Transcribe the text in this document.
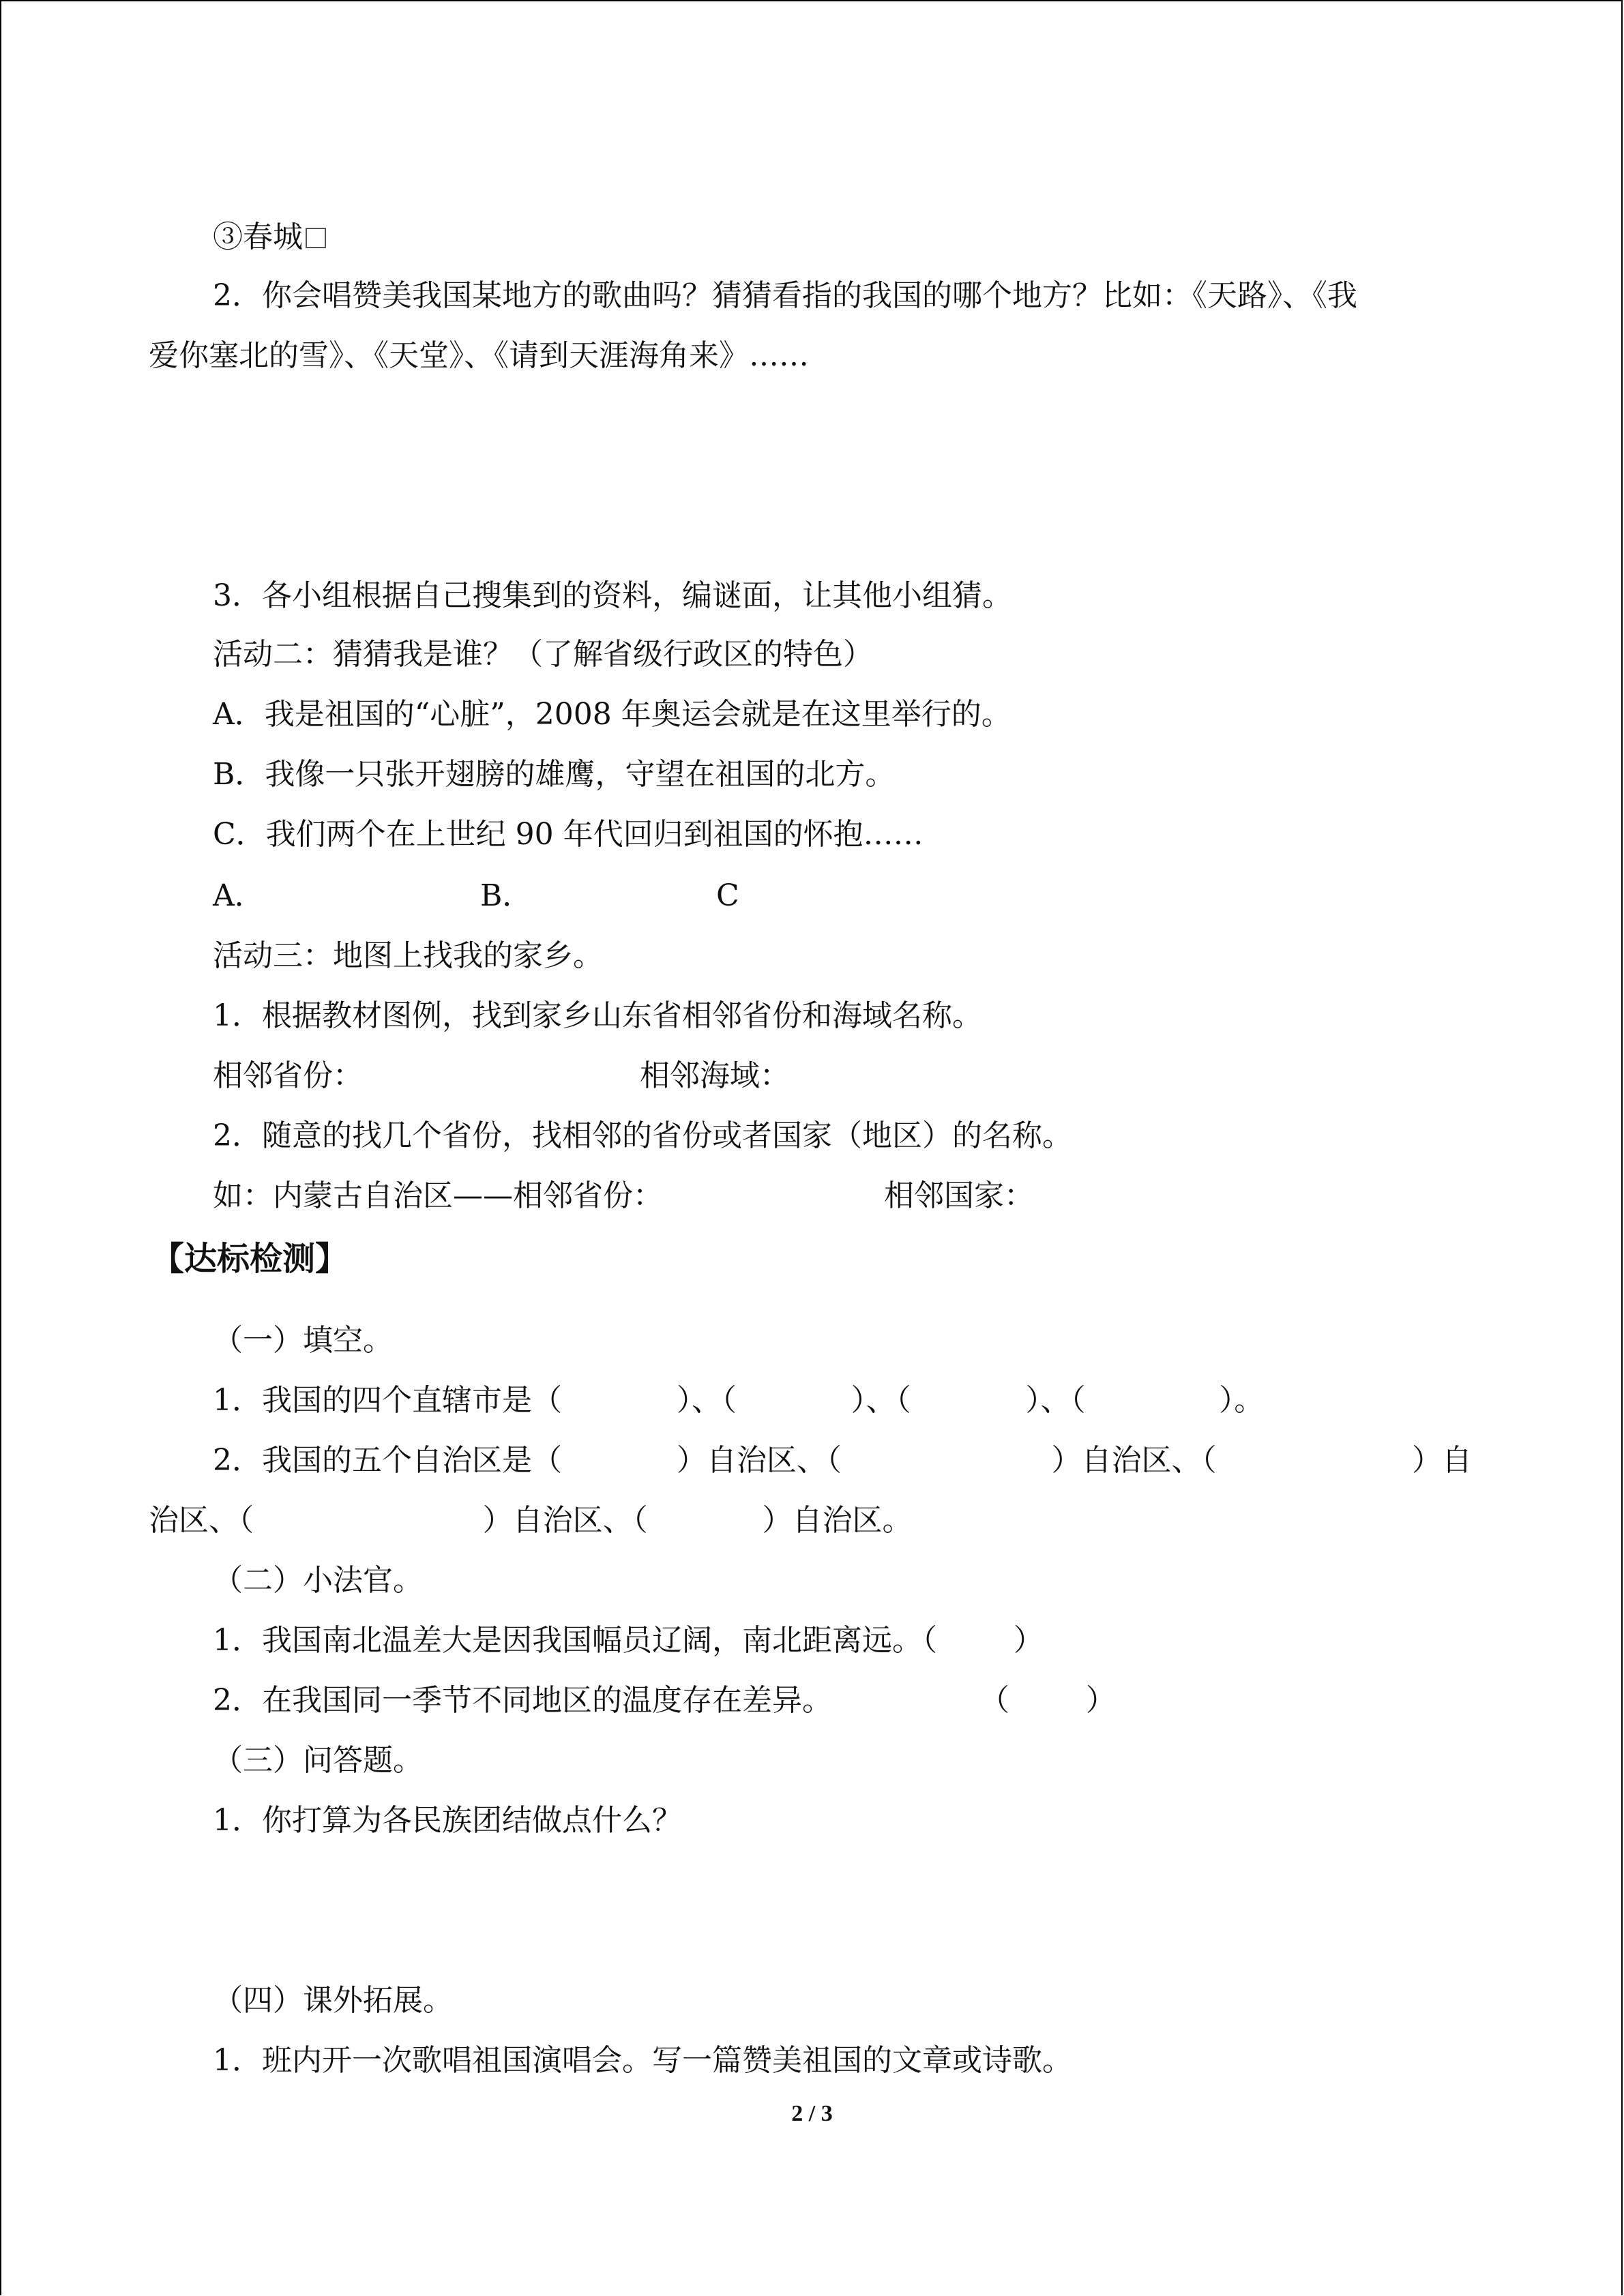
③春城
2．你会唱赞美我国某地方的歌曲吗？猜猜看指的我国的哪个地方？比如：《天路》、《我
爱你塞北的雪》、《天堂》、《请到天涯海角来》……
3．各小组根据自己搜集到的资料，编谜面，让其他小组猜。
活动二：猜猜我是谁？（了解省级行政区的特色）
A．我是祖国的“心脏”，2008 年奥运会就是在这里举行的。
B．我像一只张开翅膀的雄鹰，守望在祖国的北方。
C．我们两个在上世纪 90 年代回归到祖国的怀抱……
A．	B．	C
活动三：地图上找我的家乡。
1．根据教材图例，找到家乡山东省相邻省份和海域名称。
相邻省份：	相邻海域：
2．随意的找几个省份，找相邻的省份或者国家（地区）的名称。
如：内蒙古自治区——相邻省份：	相邻国家：
【达标检测】
（一）填空。
1．我国的四个直辖市是（            ）、（            ）、（            ）、（              ）。
2．我国的五个自治区是（            ）自治区、（                      ）自治区、（	）自
治区、（                        ）自治区、（            ）自治区。
（二）小法官。
1．我国南北温差大是因我国幅员辽阔，南北距离远。（        ）
2．在我国同一季节不同地区的温度存在差异。	（        ）
（三）问答题。
1．你打算为各民族团结做点什么？
（四）课外拓展。
1．班内开一次歌唱祖国演唱会。写一篇赞美祖国的文章或诗歌。
2 / 3
